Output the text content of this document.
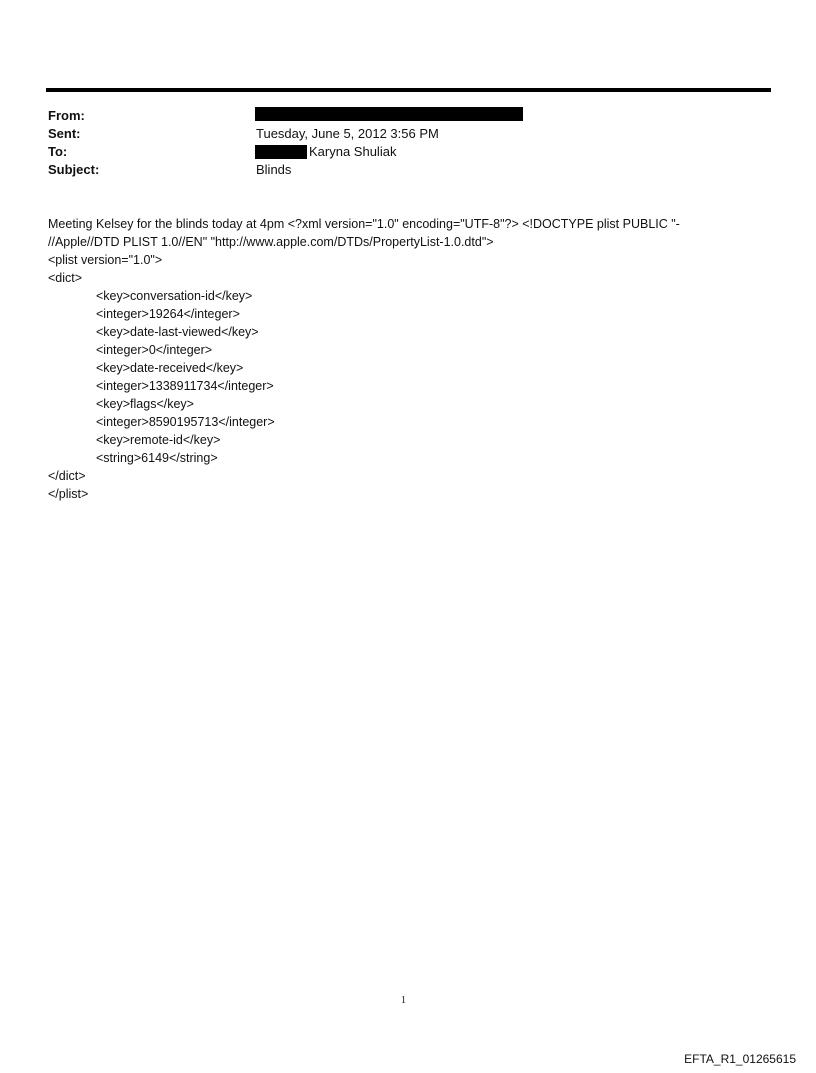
From:
Sent:	Tuesday, June 5, 2012 3:56 PM
To:	Karyna Shuliak
Subject:	Blinds
Meeting Kelsey for the blinds today at 4pm <?xml version="1.0" encoding="UTF-8"?> <!DOCTYPE plist PUBLIC "-
//Apple//DTD PLIST 1.0//EN" "http://www.apple.com/DTDs/PropertyList-1.0.dtd">
<plist version="1.0">
<dict>
<key>conversation-id</key>
<integer>19264</integer>
<key>date-last-viewed</key>
<integer>0</integer>
<key>date-received</key>
<integer>1338911734</integer>
<key>flags</key>
<integer>8590195713</integer>
<key>remote-id</key>
<string>6149</string>
</dict>
</plist>
1
EFTA_R1_01265615
